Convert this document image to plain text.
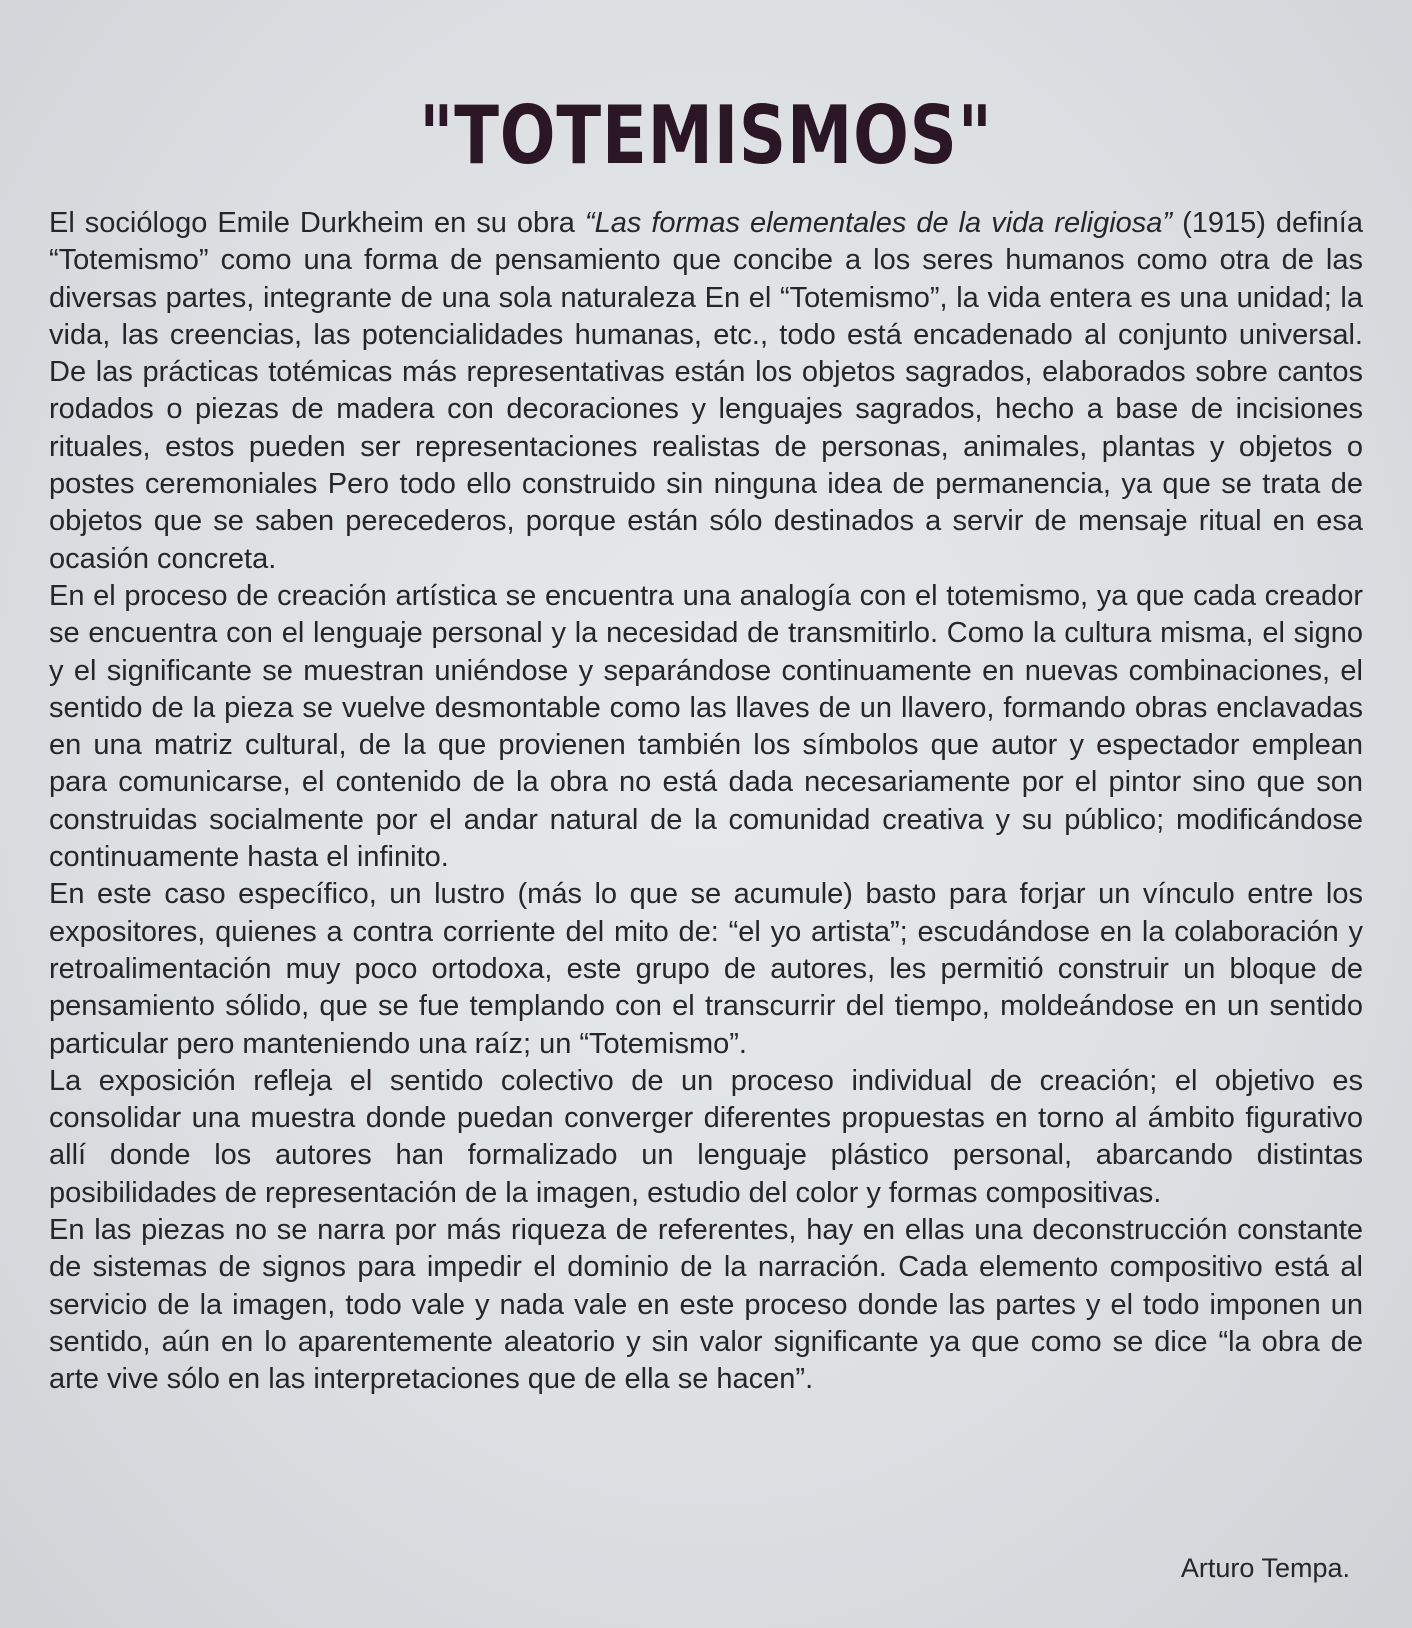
"TOTEMISMOS"

El sociólogo Emile Durkheim en su obra “Las formas elementales de la vida religiosa” (1915) definía “Totemismo” como una forma de pensamiento que concibe a los seres humanos como otra de las diversas partes, integrante de una sola naturaleza En el “Totemismo”, la vida entera es una unidad; la vida, las creencias, las potencialidades humanas, etc., todo está encadenado al conjunto universal. De las prácticas totémicas más representativas están los objetos sagrados, elaborados sobre cantos rodados o piezas de madera con decoraciones y lenguajes sagrados, hecho a base de incisiones rituales, estos pueden ser representaciones realistas de personas, animales, plantas y objetos o postes ceremoniales Pero todo ello construido sin ninguna idea de permanencia, ya que se trata de objetos que se saben perecederos, porque están sólo destinados a servir de mensaje ritual en esa ocasión concreta.

En el proceso de creación artística se encuentra una analogía con el totemismo, ya que cada creador se encuentra con el lenguaje personal y la necesidad de transmitirlo. Como la cultura misma, el signo y el significante se muestran uniéndose y separándose continuamente en nuevas combinaciones, el sentido de la pieza se vuelve desmontable como las llaves de un llavero, formando obras enclavadas en una matriz cultural, de la que provienen también los símbolos que autor y espectador emplean para comunicarse, el contenido de la obra no está dada necesariamente por el pintor sino que son construidas socialmente por el andar natural de la comunidad creativa y su público; modificándose continuamente hasta el infinito.

En este caso específico, un lustro (más lo que se acumule) basto para forjar un vínculo entre los expositores, quienes a contra corriente del mito de: “el yo artista”; escudándose en la colaboración y retroalimentación muy poco ortodoxa, este grupo de autores, les permitió construir un bloque de pensamiento sólido, que se fue templando con el transcurrir del tiempo, moldeándose en un sentido particular pero manteniendo una raíz; un “Totemismo”.

La exposición refleja el sentido colectivo de un proceso individual de creación; el objetivo es consolidar una muestra donde puedan converger diferentes propuestas en torno al ámbito figurativo allí donde los autores han formalizado un lenguaje plástico personal, abarcando distintas posibilidades de representación de la imagen, estudio del color y formas compositivas.

En las piezas no se narra por más riqueza de referentes, hay en ellas una deconstrucción constante de sistemas de signos para impedir el dominio de la narración. Cada elemento compositivo está al servicio de la imagen, todo vale y nada vale en este proceso donde las partes y el todo imponen un sentido, aún en lo aparentemente aleatorio y sin valor significante ya que como se dice “la obra de arte vive sólo en las interpretaciones que de ella se hacen”.

Arturo Tempa.
